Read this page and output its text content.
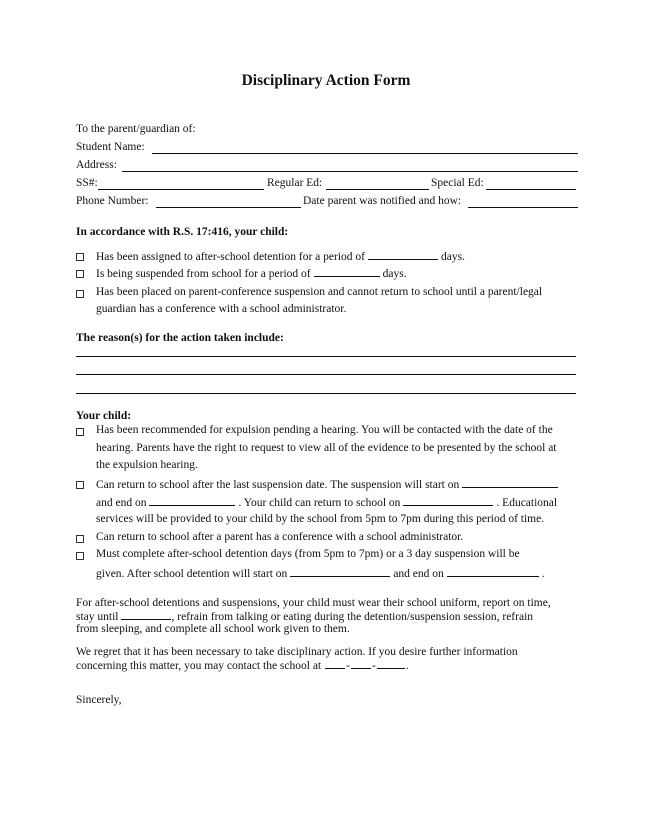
Disciplinary Action Form
To the parent/guardian of:
Student Name:
Address:
SS#:	Regular Ed:	Special Ed:
Phone Number:	Date parent was notified and how:
In accordance with R.S. 17:416, your child:
Has been assigned to after-school detention for a period of	days.
Is being suspended from school for a period of	days.
Has been placed on parent-conference suspension and cannot return to school until a parent/legal
guardian has a conference with a school administrator.
The reason(s) for the action taken include:
Your child:
Has been recommended for expulsion pending a hearing. You will be contacted with the date of the
hearing. Parents have the right to request to view all of the evidence to be presented by the school at
the expulsion hearing.
Can return to school after the last suspension date. The suspension will start on
and end on	. Your child can return to school on	. Educational
services will be provided to your child by the school from 5pm to 7pm during this period of time.
Can return to school after a parent has a conference with a school administrator.
Must complete after-school detention days (from 5pm to 7pm) or a 3 day suspension will be
given. After school detention will start on	and end on	.
For after-school detentions and suspensions, your child must wear their school uniform, report on time,
stay until	, refrain from talking or eating during the detention/suspension session, refrain
from sleeping, and complete all school work given to them.
We regret that it has been necessary to take disciplinary action. If you desire further information
concerning this matter, you may contact the school at - -	.
Sincerely,
